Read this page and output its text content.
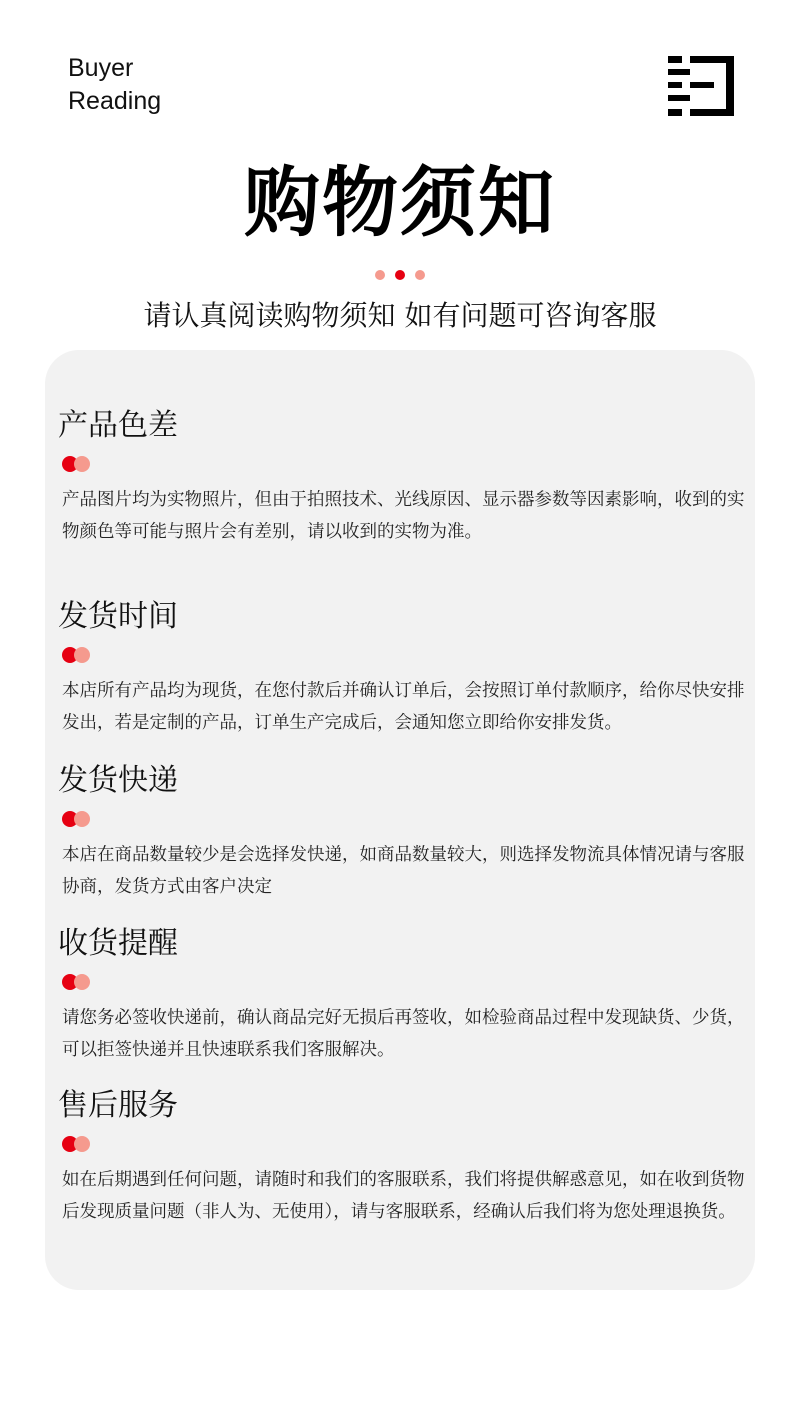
Buyer
Reading
购物须知
请认真阅读购物须知 如有问题可咨询客服
产品色差
产品图片均为实物照片，但由于拍照技术、光线原因、显示器参数等因素影响，收到的实物颜色等可能与照片会有差别，请以收到的实物为准。
发货时间
本店所有产品均为现货，在您付款后并确认订单后，会按照订单付款顺序，给你尽快安排发出，若是定制的产品，订单生产完成后，会通知您立即给你安排发货。
发货快递
本店在商品数量较少是会选择发快递，如商品数量较大，则选择发物流具体情况请与客服协商，发货方式由客户决定
收货提醒
请您务必签收快递前，确认商品完好无损后再签收，如检验商品过程中发现缺货、少货，可以拒签快递并且快速联系我们客服解决。
售后服务
如在后期遇到任何问题，请随时和我们的客服联系，我们将提供解惑意见，如在收到货物后发现质量问题（非人为、无使用），请与客服联系，经确认后我们将为您处理退换货。
